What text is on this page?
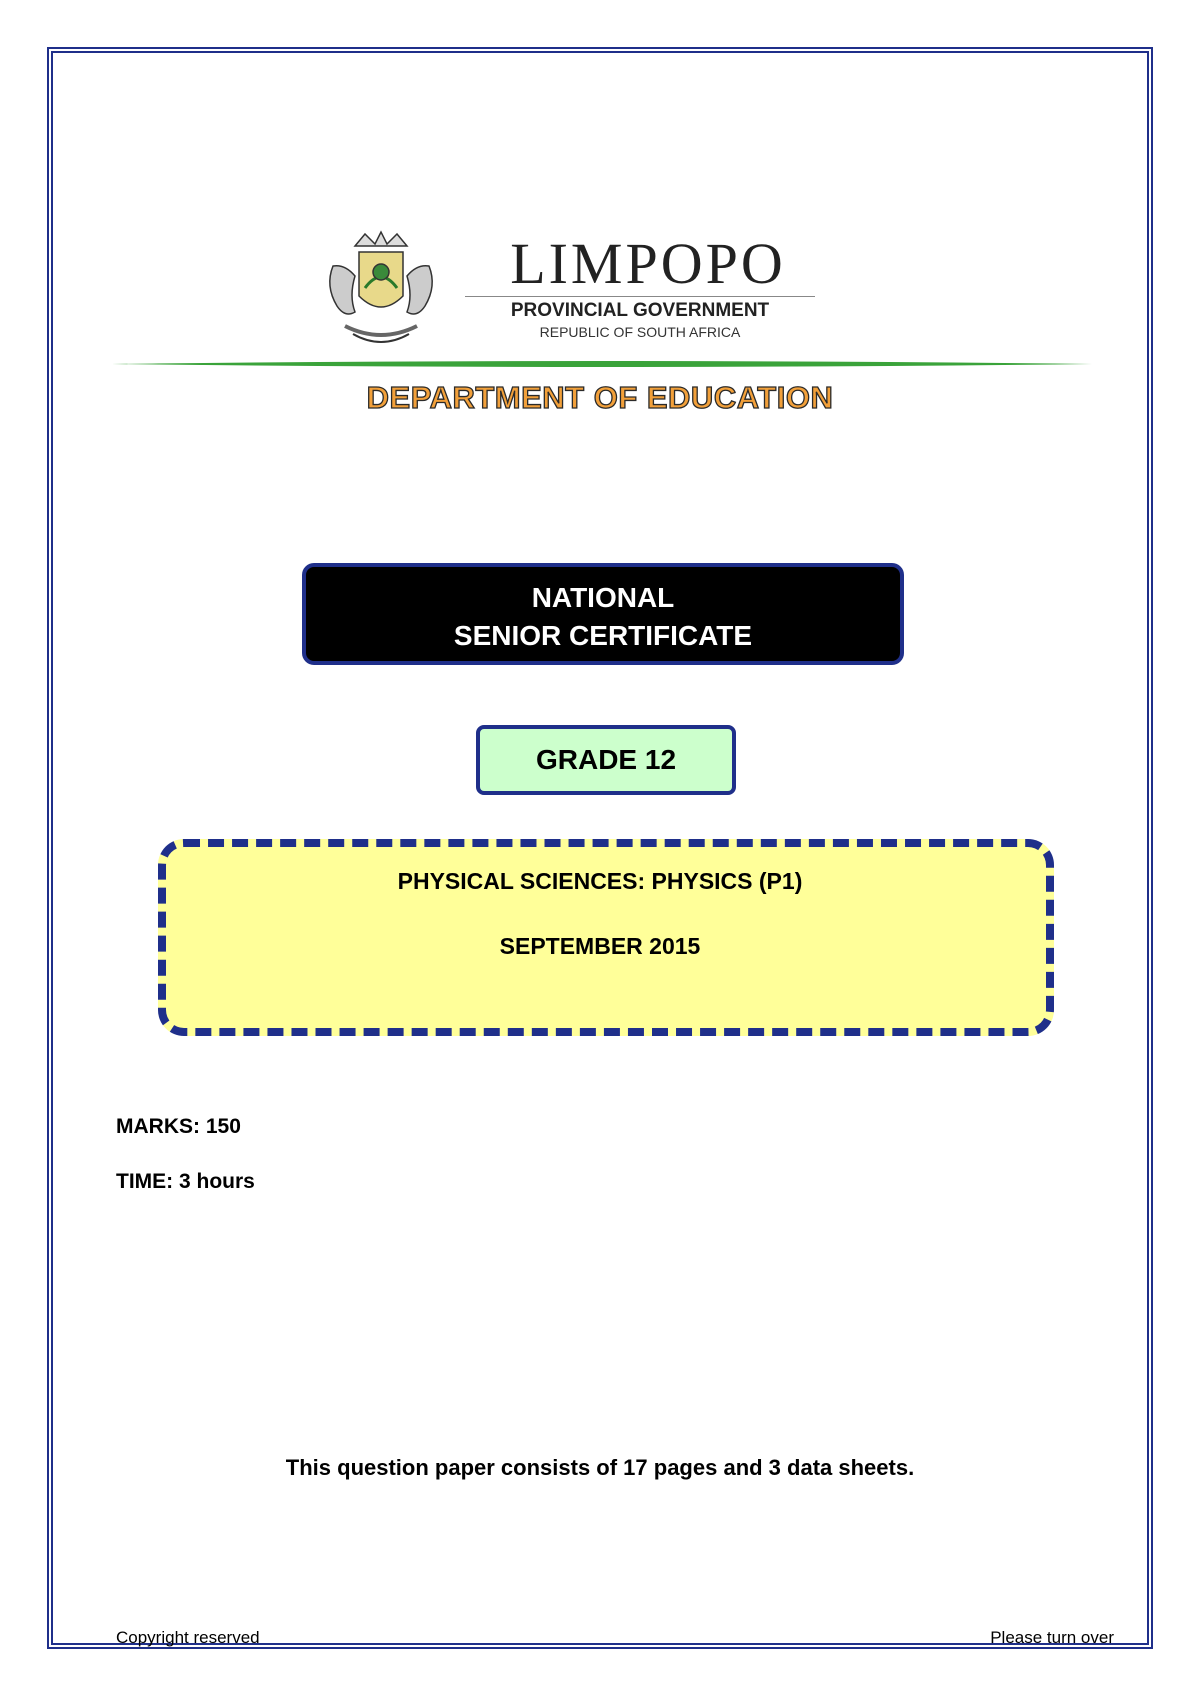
LIMPOPO
PROVINCIAL GOVERNMENT
REPUBLIC OF SOUTH AFRICA
DEPARTMENT OF EDUCATION
NATIONAL
SENIOR CERTIFICATE
GRADE 12
PHYSICAL SCIENCES: PHYSICS (P1)
SEPTEMBER 2015
MARKS: 150
TIME: 3 hours
This question paper consists of 17 pages and 3 data sheets.
Copyright reserved	Please turn over
